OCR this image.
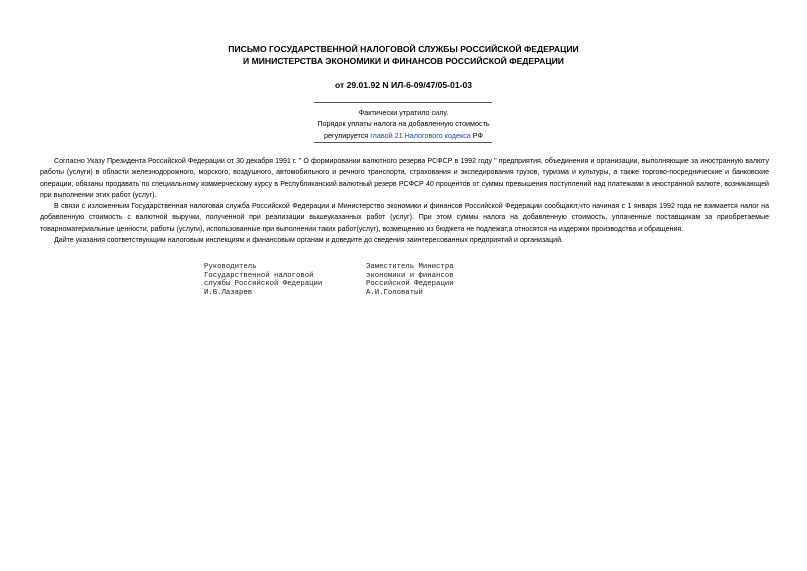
ПИСЬМО ГОСУДАРСТВЕННОЙ НАЛОГОВОЙ СЛУЖБЫ РОССИЙСКОЙ ФЕДЕРАЦИИ
И МИНИСТЕРСТВА ЭКОНОМИКИ И ФИНАНСОВ РОССИЙСКОЙ ФЕДЕРАЦИИ
от 29.01.92 N ИЛ-6-09/47/05-01-03
Фактически утратило силу.
Порядок уплаты налога на добавленную стоимость
регулируется главой 21 Налогового кодекса РФ

Согласно Указу Президента Российской Федерации от 30 декабря 1991 г. " О формировании валютного резерва РСФСР в 1992 году " предприятия, объединения и организации, выполняющие за иностранную валюту работы (услуги) в области железнодорожного, морского, воздушного, автомобильного и речного транспорта, страхования и экспедирования грузов, туризма и культуры, а также торгово-посреднические и банковские операции, обязаны продавать по специальному коммерческому курсу в Республиканский валютный резерв РСФСР 40 процентов от суммы превышения поступлений над платежами в иностранной валюте, возникающей при выполнении этих работ (услуг).

В связи с изложенным Государственная налоговая служба Российской Федерации и Министерство экономики и финансов Российской Федерации сообщают,что начиная с 1 января 1992 года не взимается налог на добавленную стоимость с валютной выручки, полученной при реализации вышеуказанных работ (услуг). При этом суммы налога на добавленную стоимость, уплаченные поставщикам за приобретаемые товарноматериальные ценности, работы (услуги), использованные при выполнении таких работ(услуг), возмещению из бюджета не подлежат,а относятся на издержки производства и обращения.

Дайте указания соответствующим налоговым инспекциям и финансовым органам и доведите до сведения заинтересованных предприятий и организаций.

Руководитель
Государственной налоговой
службы Российской Федерации
И.В.Лазарев
Заместитель Министра
экономики и финансов
Российской Федерации
А.И.Головатый
